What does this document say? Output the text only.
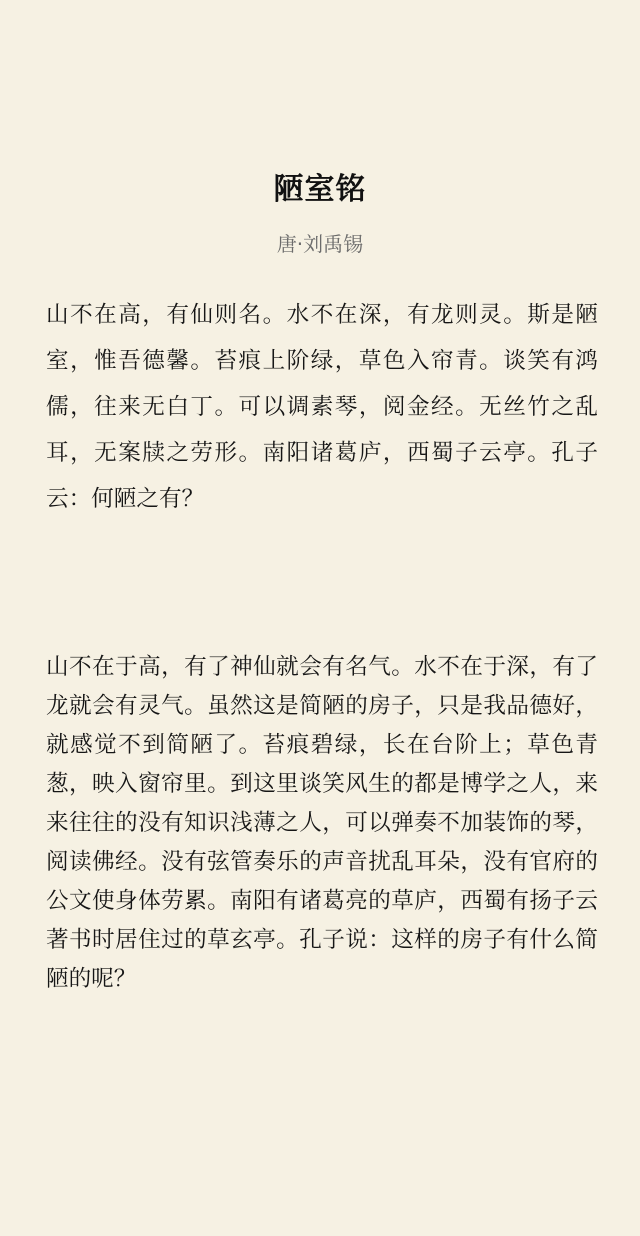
陋室铭
唐·刘禹锡
山不在高，有仙则名。水不在深，有龙则灵。斯是陋室，惟吾德馨。苔痕上阶绿，草色入帘青。谈笑有鸿儒，往来无白丁。可以调素琴，阅金经。无丝竹之乱耳，无案牍之劳形。南阳诸葛庐，西蜀子云亭。孔子云：何陋之有？
山不在于高，有了神仙就会有名气。水不在于深，有了龙就会有灵气。虽然这是简陋的房子，只是我品德好，就感觉不到简陋了。苔痕碧绿，长在台阶上；草色青葱，映入窗帘里。到这里谈笑风生的都是博学之人，来来往往的没有知识浅薄之人，可以弹奏不加装饰的琴，阅读佛经。没有弦管奏乐的声音扰乱耳朵，没有官府的公文使身体劳累。南阳有诸葛亮的草庐，西蜀有扬子云著书时居住过的草玄亭。孔子说：这样的房子有什么简陋的呢？
